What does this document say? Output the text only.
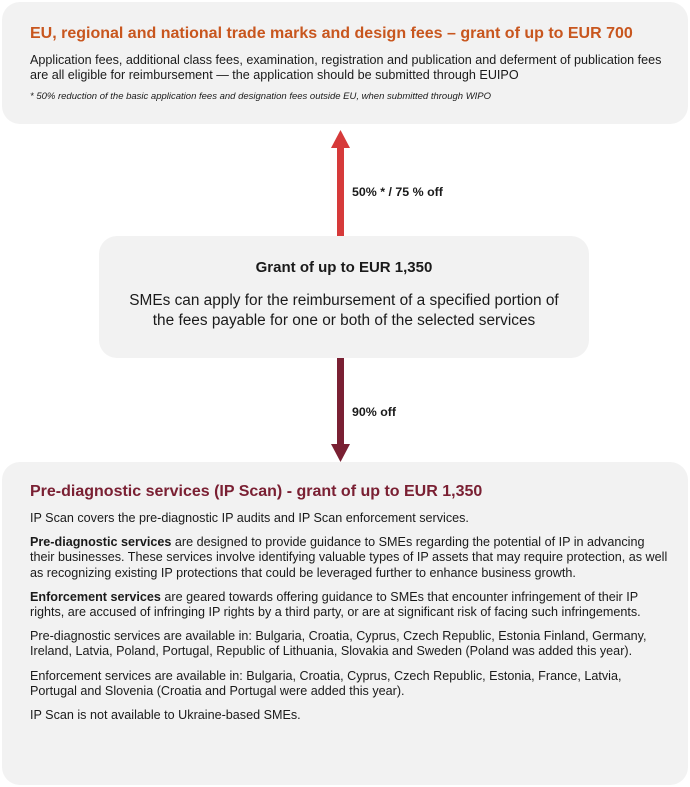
50% * / 75 % off
90% off
EU, regional and national trade marks and design fees – grant of up to EUR 700

Application fees, additional class fees, examination, registration and publication and deferment of publication fees are all eligible for reimbursement — the application should be submitted through EUIPO

* 50% reduction of the basic application fees and designation fees outside EU, when submitted through WIPO

Grant of up to EUR 1,350

SMEs can apply for the reimbursement of a specified portion of the fees payable for one or both of the selected services

Pre-diagnostic services (IP Scan) - grant of up to EUR 1,350

IP Scan covers the pre-diagnostic IP audits and IP Scan enforcement services.

Pre-diagnostic services are designed to provide guidance to SMEs regarding the potential of IP in advancing their businesses. These services involve identifying valuable types of IP assets that may require protection, as well as recognizing existing IP protections that could be leveraged further to enhance business growth.

Enforcement services are geared towards offering guidance to SMEs that encounter infringement of their IP rights, are accused of infringing IP rights by a third party, or are at significant risk of facing such infringements.

Pre-diagnostic services are available in: Bulgaria, Croatia, Cyprus, Czech Republic, Estonia Finland, Germany, Ireland, Latvia, Poland, Portugal, Republic of Lithuania, Slovakia and Sweden (Poland was added this year).

Enforcement services are available in: Bulgaria, Croatia, Cyprus, Czech Republic, Estonia, France, Latvia, Portugal and Slovenia (Croatia and Portugal were added this year).

IP Scan is not available to Ukraine-based SMEs.
